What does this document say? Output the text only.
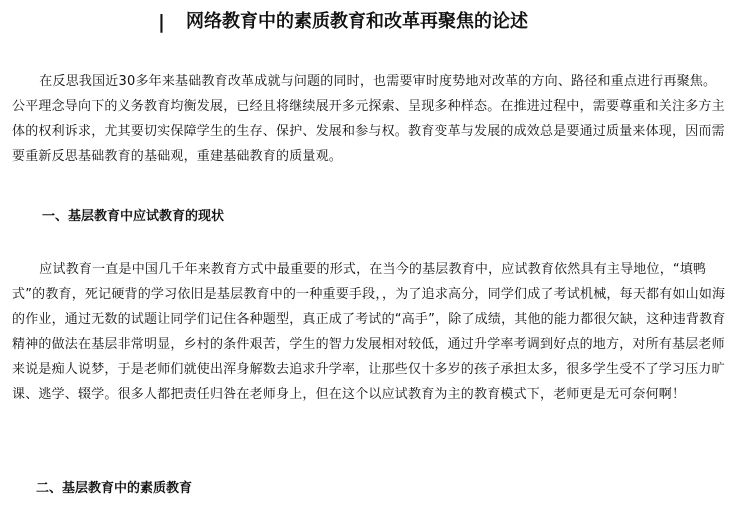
| 网络教育中的素质教育和改革再聚焦的论述

在反思我国近30多年来基础教育改革成就与问题的同时，也需要审时度势地对改革的方向、路径和重点进行再聚焦。公平理念导向下的义务教育均衡发展，已经且将继续展开多元探索、呈现多种样态。在推进过程中，需要尊重和关注多方主体的权利诉求，尤其要切实保障学生的生存、保护、发展和参与权。教育变革与发展的成效总是要通过质量来体现，因而需要重新反思基础教育的基础观，重建基础教育的质量观。

一、基层教育中应试教育的现状

应试教育一直是中国几千年来教育方式中最重要的形式，在当今的基层教育中，应试教育依然具有主导地位，“填鸭式”的教育，死记硬背的学习依旧是基层教育中的一种重要手段，，为了追求高分，同学们成了考试机械，每天都有如山如海的作业，通过无数的试题让同学们记住各种题型，真正成了考试的“高手”，除了成绩，其他的能力都很欠缺，这种违背教育精神的做法在基层非常明显，乡村的条件艰苦，学生的智力发展相对较低，通过升学率考调到好点的地方，对所有基层老师来说是痴人说梦，于是老师们就使出浑身解数去追求升学率，让那些仅十多岁的孩子承担太多，很多学生受不了学习压力旷课、逃学、辍学。很多人都把责任归咎在老师身上，但在这个以应试教育为主的教育模式下，老师更是无可奈何啊！

二、基层教育中的素质教育
